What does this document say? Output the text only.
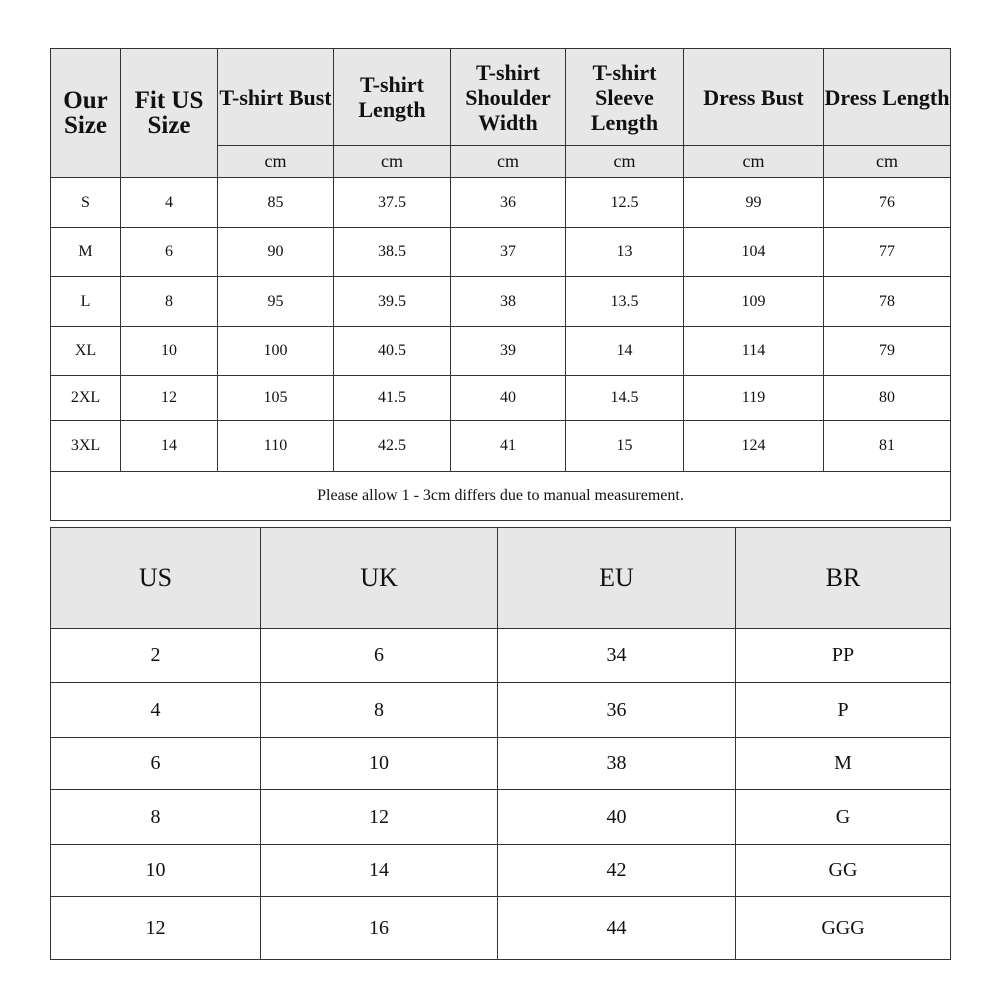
Our Size	Fit US Size	T-shirt Bust	T-shirt Length	T-shirt Shoulder Width	T-shirt Sleeve Length	Dress Bust	Dress Length
		cm	cm	cm	cm	cm	cm
S	4	85	37.5	36	12.5	99	76
M	6	90	38.5	37	13	104	77
L	8	95	39.5	38	13.5	109	78
XL	10	100	40.5	39	14	114	79
2XL	12	105	41.5	40	14.5	119	80
3XL	14	110	42.5	41	15	124	81
Please allow 1 - 3cm differs due to manual measurement.							
US	UK	EU	BR
2	6	34	PP
4	8	36	P
6	10	38	M
8	12	40	G
10	14	42	GG
12	16	44	GGG
